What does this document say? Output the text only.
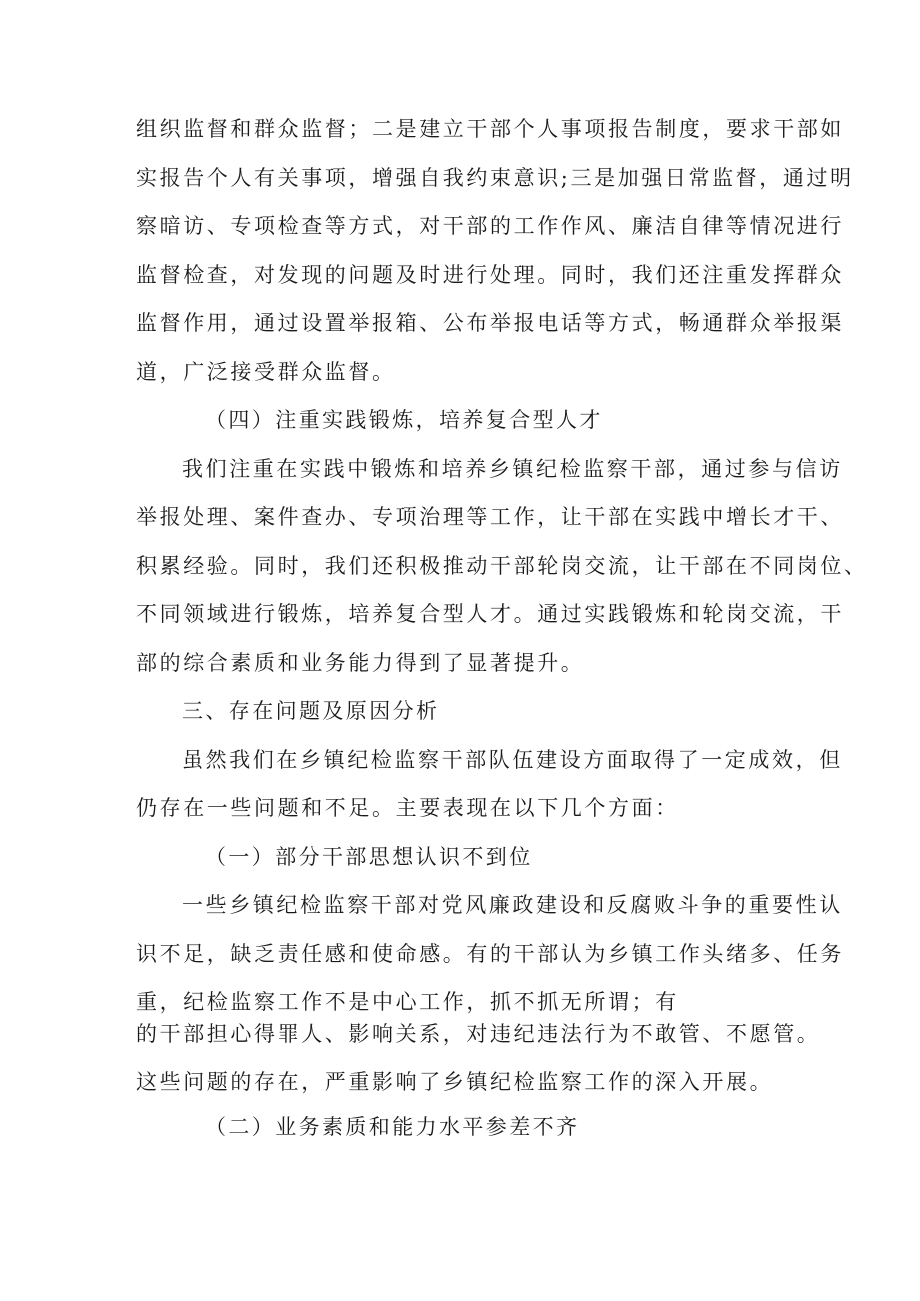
组织监督和群众监督；二是建立干部个人事项报告制度，要求干部如
实报告个人有关事项，增强自我约束意识;三是加强日常监督，通过明
察暗访、专项检查等方式，对干部的工作作风、廉洁自律等情况进行
监督检查，对发现的问题及时进行处理。同时，我们还注重发挥群众
监督作用，通过设置举报箱、公布举报电话等方式，畅通群众举报渠
道，广泛接受群众监督。
（四）注重实践锻炼，培养复合型人才
我们注重在实践中锻炼和培养乡镇纪检监察干部，通过参与信访
举报处理、案件查办、专项治理等工作，让干部在实践中增长才干、
积累经验。同时，我们还积极推动干部轮岗交流，让干部在不同岗位、
不同领域进行锻炼，培养复合型人才。通过实践锻炼和轮岗交流，干
部的综合素质和业务能力得到了显著提升。
三、存在问题及原因分析
虽然我们在乡镇纪检监察干部队伍建设方面取得了一定成效，但
仍存在一些问题和不足。主要表现在以下几个方面：
（一）部分干部思想认识不到位
一些乡镇纪检监察干部对党风廉政建设和反腐败斗争的重要性认
识不足，缺乏责任感和使命感。有的干部认为乡镇工作头绪多、任务
重，纪检监察工作不是中心工作，抓不抓无所谓；有
的干部担心得罪人、影响关系，对违纪违法行为不敢管、不愿管。
这些问题的存在，严重影响了乡镇纪检监察工作的深入开展。
（二）业务素质和能力水平参差不齐
